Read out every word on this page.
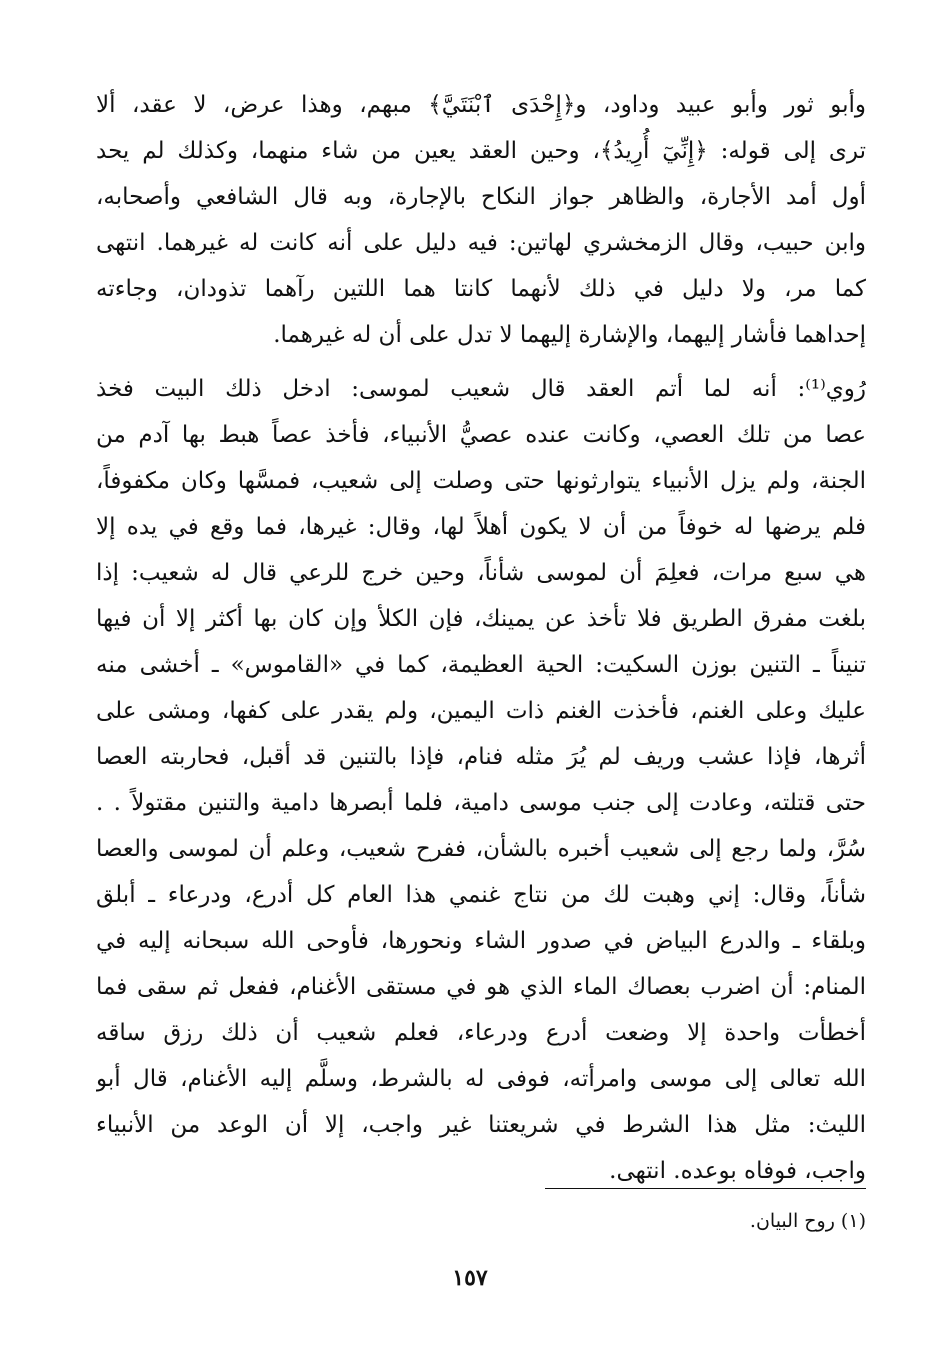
وأبو ثور وأبو عبيد وداود، و﴿إِحْدَى ٱبْنَتَيَّ﴾ مبهم، وهذا عرض، لا عقد، ألا
ترى إلى قوله: ﴿إِنِّيٓ أُرِيدُ﴾، وحين العقد يعين من شاء منهما، وكذلك لم يحد
أول أمد الأجارة، والظاهر جواز النكاح بالإجارة، وبه قال الشافعي وأصحابه،
وابن حبيب، وقال الزمخشري لهاتين: فيه دليل على أنه كانت له غيرهما. انتهى
كما مر، ولا دليل في ذلك لأنهما كانتا هما اللتين رآهما تذودان، وجاءته
إحداهما فأشار إليهما، والإشارة إليهما لا تدل على أن له غيرهما.
رُوي⁽¹⁾: أنه لما أتم العقد قال شعيب لموسى: ادخل ذلك البيت فخذ
عصا من تلك العصي، وكانت عنده عصيُّ الأنبياء، فأخذ عصاً هبط بها آدم من
الجنة، ولم يزل الأنبياء يتوارثونها حتى وصلت إلى شعيب، فمسَّها وكان مكفوفاً،
فلم يرضها له خوفاً من أن لا يكون أهلاً لها، وقال: غيرها، فما وقع في يده إلا
هي سبع مرات، فعلِمَ أن لموسى شأناً، وحين خرج للرعي قال له شعيب: إذا
بلغت مفرق الطريق فلا تأخذ عن يمينك، فإن الكلأ وإن كان بها أكثر إلا أن فيها
تنيناً ـ التنين بوزن السكيت: الحية العظيمة، كما في «القاموس» ـ أخشى منه
عليك وعلى الغنم، فأخذت الغنم ذات اليمين، ولم يقدر على كفها، ومشى على
أثرها، فإذا عشب وريف لم يُرَ مثله فنام، فإذا بالتنين قد أقبل، فحاربته العصا
حتى قتلته، وعادت إلى جنب موسى دامية، فلما أبصرها دامية والتنين مقتولاً . .
سُرَّ، ولما رجع إلى شعيب أخبره بالشأن، ففرح شعيب، وعلم أن لموسى والعصا
شأناً، وقال: إني وهبت لك من نتاج غنمي هذا العام كل أدرع، ودرعاء ـ أبلق
وبلقاء ـ والدرع البياض في صدور الشاء ونحورها، فأوحى الله سبحانه إليه في
المنام: أن اضرب بعصاك الماء الذي هو في مستقى الأغنام، ففعل ثم سقى فما
أخطأت واحدة إلا وضعت أدرع ودرعاء، فعلم شعيب أن ذلك رزق ساقه
الله تعالى إلى موسى وامرأته، فوفى له بالشرط، وسلَّم إليه الأغنام، قال أبو
الليث: مثل هذا الشرط في شريعتنا غير واجب، إلا أن الوعد من الأنبياء
واجب، فوفاه بوعده. انتهى.
(١) روح البيان.
١٥٧
